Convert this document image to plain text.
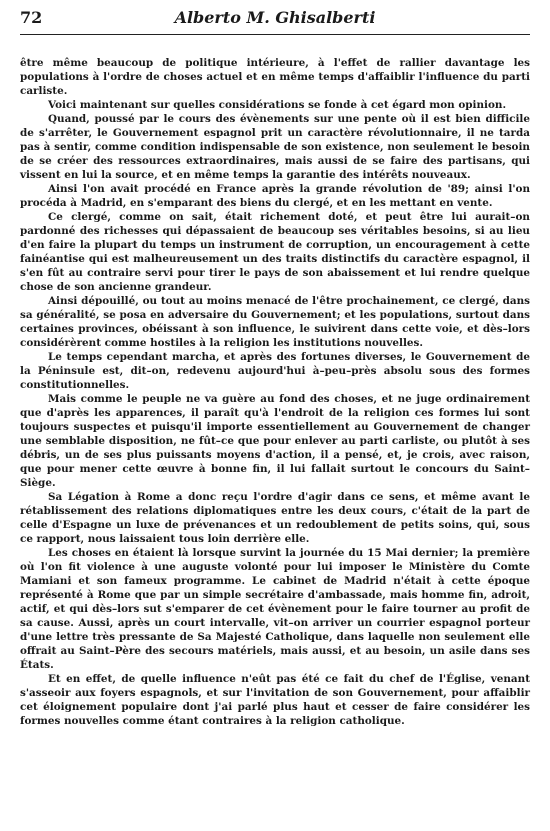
72	Alberto M. Ghisalberti

être même beaucoup de politique intérieure, à l'effet de rallier davantage les populations à l'ordre de choses actuel et en même temps d'affaiblir l'influence du parti carliste.

Voici maintenant sur quelles considérations se fonde à cet égard mon opinion.

Quand, poussé par le cours des évènements sur une pente où il est bien difficile de s'arrêter, le Gouvernement espagnol prit un caractère révolutionnaire, il ne tarda pas à sentir, comme condition indispensable de son existence, non seulement le besoin de se créer des ressources extraordinaires, mais aussi de se faire des partisans, qui vissent en lui la source, et en même temps la garantie des intérêts nouveaux.

Ainsi l'on avait procédé en France après la grande révolution de '89; ainsi l'on procéda à Madrid, en s'emparant des biens du clergé, et en les mettant en vente.

Ce clergé, comme on sait, était richement doté, et peut être lui aurait–on pardonné des richesses qui dépassaient de beaucoup ses véritables besoins, si au lieu d'en faire la plupart du temps un instrument de corruption, un encouragement à cette fainéantise qui est malheureusement un des traits distinctifs du caractère espagnol, il s'en fût au contraire servi pour tirer le pays de son abaissement et lui rendre quelque chose de son ancienne grandeur.

Ainsi dépouillé, ou tout au moins menacé de l'être prochainement, ce clergé, dans sa généralité, se posa en adversaire du Gouvernement; et les populations, surtout dans certaines provinces, obéissant à son influence, le suivirent dans cette voie, et dès–lors considérèrent comme hostiles à la religion les institutions nouvelles.

Le temps cependant marcha, et après des fortunes diverses, le Gouvernement de la Péninsule est, dit–on, redevenu aujourd'hui à–peu–près absolu sous des formes constitutionnelles.

Mais comme le peuple ne va guère au fond des choses, et ne juge ordinairement que d'après les apparences, il paraît qu'à l'endroit de la religion ces formes lui sont toujours suspectes et puisqu'il importe essentiellement au Gouvernement de changer une semblable disposition, ne fût–ce que pour enlever au parti carliste, ou plutôt à ses débris, un de ses plus puissants moyens d'action, il a pensé, et, je crois, avec raison, que pour mener cette œuvre à bonne fin, il lui fallait surtout le concours du Saint–Siège.

Sa Légation à Rome a donc reçu l'ordre d'agir dans ce sens, et même avant le rétablissement des relations diplomatiques entre les deux cours, c'était de la part de celle d'Espagne un luxe de prévenances et un redoublement de petits soins, qui, sous ce rapport, nous laissaient tous loin derrière elle.

Les choses en étaient là lorsque survint la journée du 15 Mai dernier; la première où l'on fit violence à une auguste volonté pour lui imposer le Ministère du Comte Mamiani et son fameux programme. Le cabinet de Madrid n'était à cette époque représenté à Rome que par un simple secrétaire d'ambassade, mais homme fin, adroit, actif, et qui dès–lors sut s'emparer de cet évènement pour le faire tourner au profit de sa cause. Aussi, après un court intervalle, vit–on arriver un courrier espagnol porteur d'une lettre très pressante de Sa Majesté Catholique, dans laquelle non seulement elle offrait au Saint–Père des secours matériels, mais aussi, et au besoin, un asile dans ses États.

Et en effet, de quelle influence n'eût pas été ce fait du chef de l'Église, venant s'asseoir aux foyers espagnols, et sur l'invitation de son Gouvernement, pour affaiblir cet éloignement populaire dont j'ai parlé plus haut et cesser de faire considérer les formes nouvelles comme étant contraires à la religion catholique.
